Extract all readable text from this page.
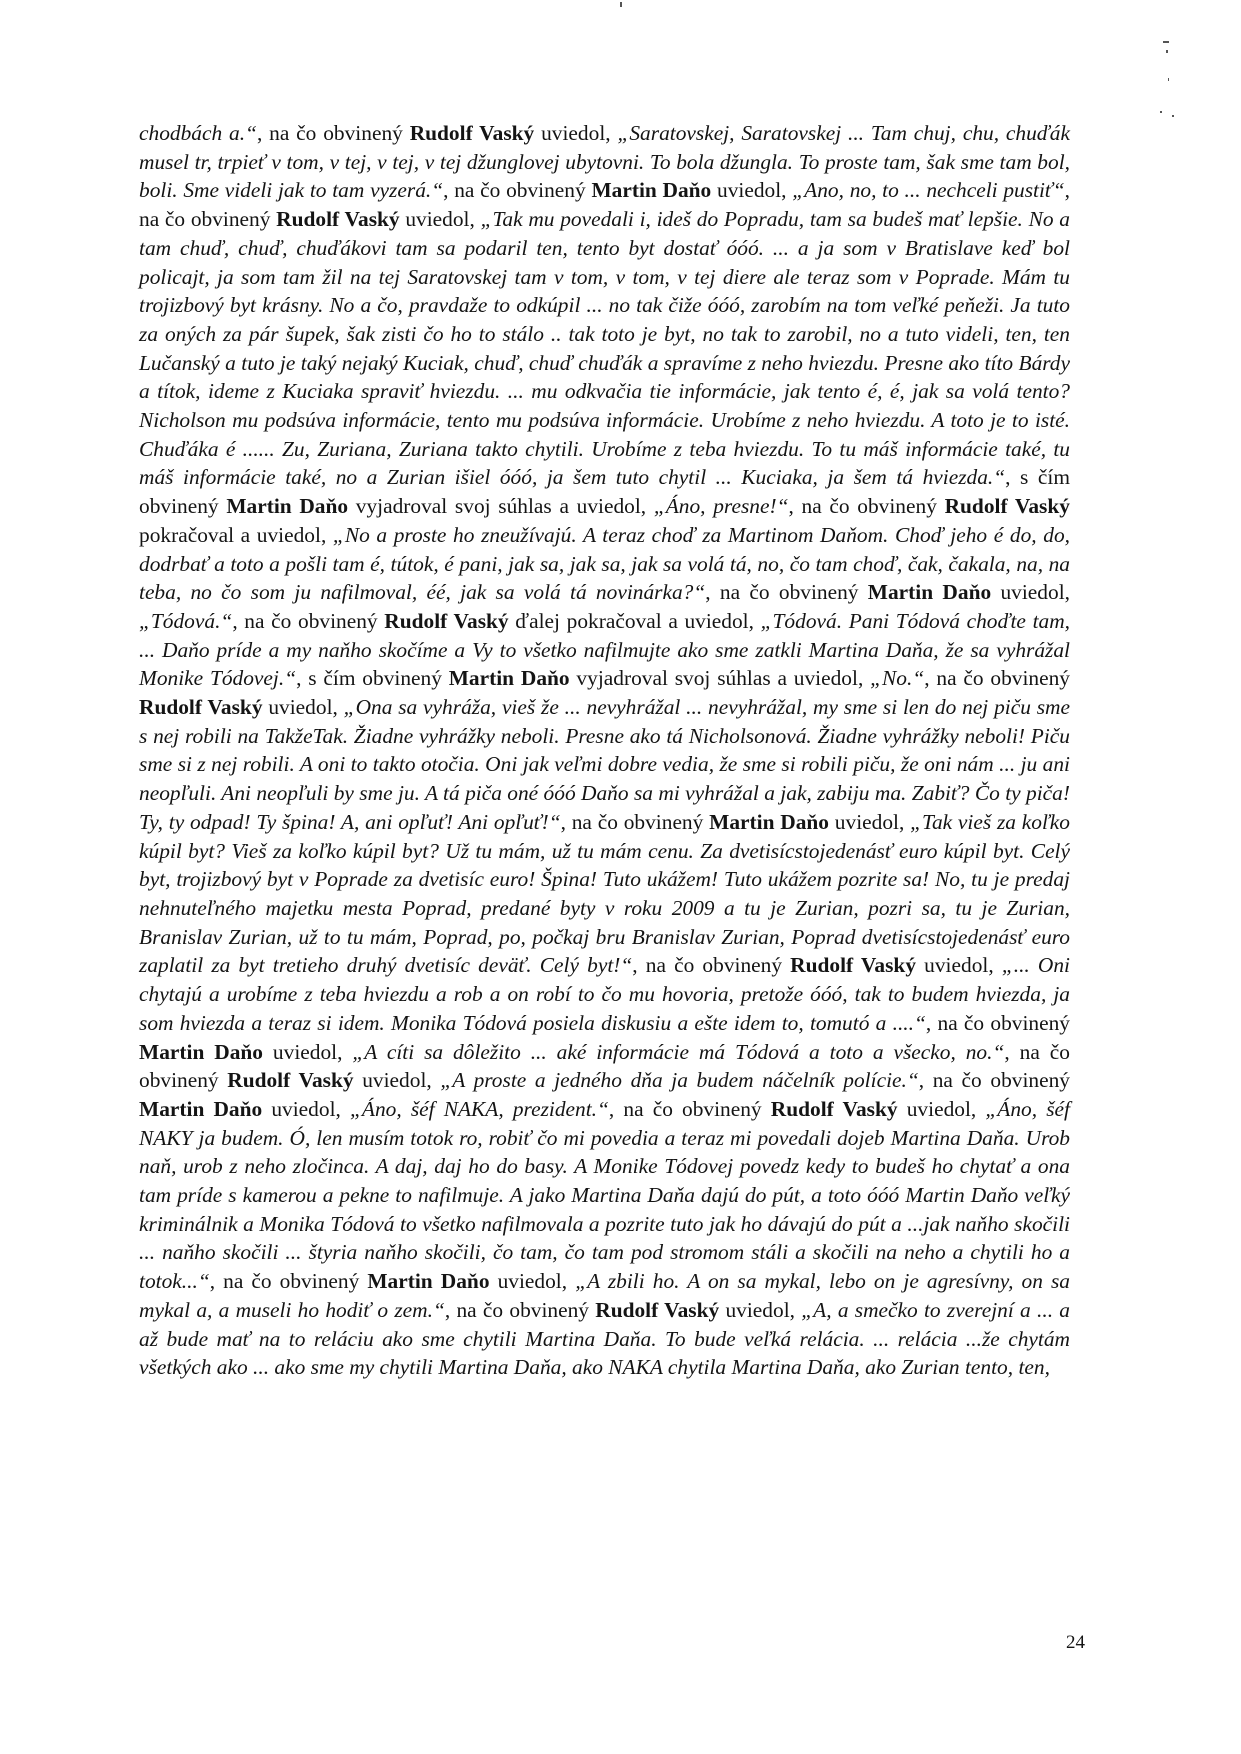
chodbách a.“, na čo obvinený Rudolf Vaský uviedol, „Saratovskej, Saratovskej ... Tam chuj, chu, chuďák musel tr, trpieť v tom, v tej, v tej, v tej džunglovej ubytovni. To bola džungla. To proste tam, šak sme tam bol, boli. Sme videli jak to tam vyzerá.“, na čo obvinený Martin Daňo uviedol, „Ano, no, to ... nechceli pustiť“, na čo obvinený Rudolf Vaský uviedol, „Tak mu povedali i, ideš do Popradu, tam sa budeš mať lepšie. No a tam chuď, chuď, chuďákovi tam sa podaril ten, tento byt dostať óóó. ... a ja som v Bratislave keď bol policajt, ja som tam žil na tej Saratovskej tam v tom, v tom, v tej diere ale teraz som v Poprade. Mám tu trojizbový byt krásny. No a čo, pravdaže to odkúpil ... no tak čiže óóó, zarobím na tom veľké peňeži. Ja tuto za oných za pár šupek, šak zisti čo ho to stálo .. tak toto je byt, no tak to zarobil, no a tuto videli, ten, ten Lučanský a tuto je taký nejaký Kuciak, chuď, chuď chuďák a spravíme z neho hviezdu. Presne ako títo Bárdy a títok, ideme z Kuciaka spraviť hviezdu. ... mu odkvačia tie informácie, jak tento é, é, jak sa volá tento? Nicholson mu podsúva informácie, tento mu podsúva informácie. Urobíme z neho hviezdu. A toto je to isté. Chuďáka é ...... Zu, Zuriana, Zuriana takto chytili. Urobíme z teba hviezdu. To tu máš informácie také, tu máš informácie také, no a Zurian išiel óóó, ja šem tuto chytil ... Kuciaka, ja šem tá hviezda.“, s čím obvinený Martin Daňo vyjadroval svoj súhlas a uviedol, „Áno, presne!“, na čo obvinený Rudolf Vaský pokračoval a uviedol, „No a proste ho zneužívajú. A teraz choď za Martinom Daňom. Choď jeho é do, do, dodrbať a toto a pošli tam é, tútok, é pani, jak sa, jak sa, jak sa volá tá, no, čo tam choď, čak, čakala, na, na teba, no čo som ju nafilmoval, éé, jak sa volá tá novinárka?“, na čo obvinený Martin Daňo uviedol, „Tódová.“, na čo obvinený Rudolf Vaský ďalej pokračoval a uviedol, „Tódová. Pani Tódová choďte tam, ... Daňo príde a my naňho skočíme a Vy to všetko nafilmujte ako sme zatkli Martina Daňa, že sa vyhrážal Monike Tódovej.“, s čím obvinený Martin Daňo vyjadroval svoj súhlas a uviedol, „No.“, na čo obvinený Rudolf Vaský uviedol, „Ona sa vyhráža, vieš že ... nevyhrážal ... nevyhrážal, my sme si len do nej piču sme s nej robili na TakžeTak. Žiadne vyhrážky neboli. Presne ako tá Nicholsonová. Žiadne vyhrážky neboli! Piču sme si z nej robili. A oni to takto otočia. Oni jak veľmi dobre vedia, že sme si robili piču, že oni nám ... ju ani neopľuli. Ani neopľuli by sme ju. A tá piča oné óóó Daňo sa mi vyhrážal a jak, zabiju ma. Zabiť? Čo ty piča! Ty, ty odpad! Ty špina! A, ani opľuť! Ani opľuť!“, na čo obvinený Martin Daňo uviedol, „Tak vieš za koľko kúpil byt? Vieš za koľko kúpil byt? Už tu mám, už tu mám cenu. Za dvetisícstojedenásť euro kúpil byt. Celý byt, trojizbový byt v Poprade za dvetisíc euro! Špina! Tuto ukážem! Tuto ukážem pozrite sa! No, tu je predaj nehnuteľného majetku mesta Poprad, predané byty v roku 2009 a tu je Zurian, pozri sa, tu je Zurian, Branislav Zurian, už to tu mám, Poprad, po, počkaj bru Branislav Zurian, Poprad dvetisícstojedenásť euro zaplatil za byt tretieho druhý dvetisíc deväť. Celý byt!“, na čo obvinený Rudolf Vaský uviedol, „... Oni chytajú a urobíme z teba hviezdu a rob a on robí to čo mu hovoria, pretože óóó, tak to budem hviezda, ja som hviezda a teraz si idem. Monika Tódová posiela diskusiu a ešte idem to, tomutó a ....“, na čo obvinený Martin Daňo uviedol, „A cíti sa dôležito ... aké informácie má Tódová a toto a všecko, no.“, na čo obvinený Rudolf Vaský uviedol, „A proste a jedného dňa ja budem náčelník polície.“, na čo obvinený Martin Daňo uviedol, „Áno, šéf NAKA, prezident.“, na čo obvinený Rudolf Vaský uviedol, „Áno, šéf NAKY ja budem. Ó, len musím totok ro, robiť čo mi povedia a teraz mi povedali dojeb Martina Daňa. Urob naň, urob z neho zločinca. A daj, daj ho do basy. A Monike Tódovej povedz kedy to budeš ho chytať a ona tam príde s kamerou a pekne to nafilmuje. A jako Martina Daňa dajú do pút, a toto óóó Martin Daňo veľký kriminálnik a Monika Tódová to všetko nafilmovala a pozrite tuto jak ho dávajú do pút a ...jak naňho skočili ... naňho skočili ... štyria naňho skočili, čo tam, čo tam pod stromom stáli a skočili na neho a chytili ho a totok...“, na čo obvinený Martin Daňo uviedol, „A zbili ho. A on sa mykal, lebo on je agresívny, on sa mykal a, a museli ho hodiť o zem.“, na čo obvinený Rudolf Vaský uviedol, „A, a smečko to zverejní a ... a až bude mať na to reláciu ako sme chytili Martina Daňa. To bude veľká relácia. ... relácia ...že chytám všetkých ako ... ako sme my chytili Martina Daňa, ako NAKA chytila Martina Daňa, ako Zurian tento, ten,

24
